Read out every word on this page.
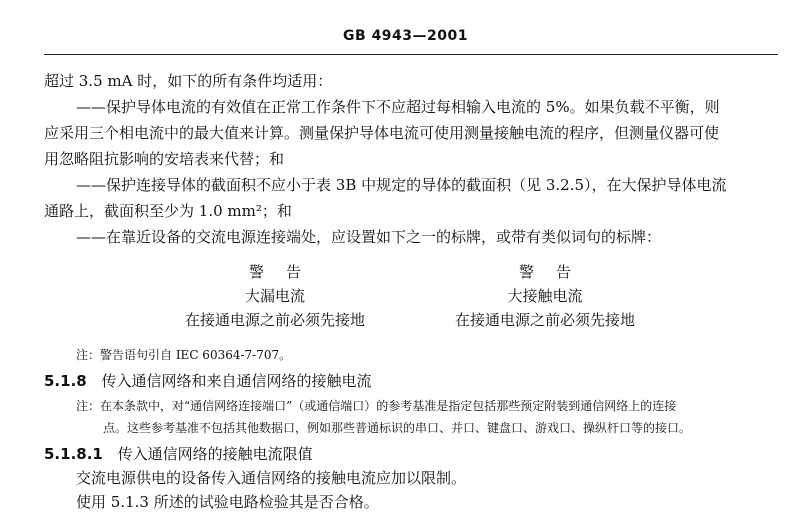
GB 4943—2001
超过 3.5 mA 时，如下的所有条件均适用：
——保护导体电流的有效值在正常工作条件下不应超过每相输入电流的 5%。如果负载不平衡，则
应采用三个相电流中的最大值来计算。测量保护导体电流可使用测量接触电流的程序，但测量仪器可使
用忽略阻抗影响的安培表来代替；和
——保护连接导体的截面积不应小于表 3B 中规定的导体的截面积（见 3.2.5），在大保护导体电流
通路上，截面积至少为 1.0 mm²；和
——在靠近设备的交流电源连接端处，应设置如下之一的标牌，或带有类似词句的标牌：
警告
大漏电流
在接通电源之前必须先接地
警告
大接触电流
在接通电源之前必须先接地
注：警告语句引自 IEC 60364-7-707。
5.1.8 传入通信网络和来自通信网络的接触电流
注：在本条款中，对“通信网络连接端口”（或通信端口）的参考基准是指定包括那些预定附装到通信网络上的连接
点。这些参考基准不包括其他数据口，例如那些普通标识的串口、并口、键盘口、游戏口、操纵杆口等的接口。
5.1.8.1 传入通信网络的接触电流限值
交流电源供电的设备传入通信网络的接触电流应加以限制。
使用 5.1.3 所述的试验电路检验其是否合格。
